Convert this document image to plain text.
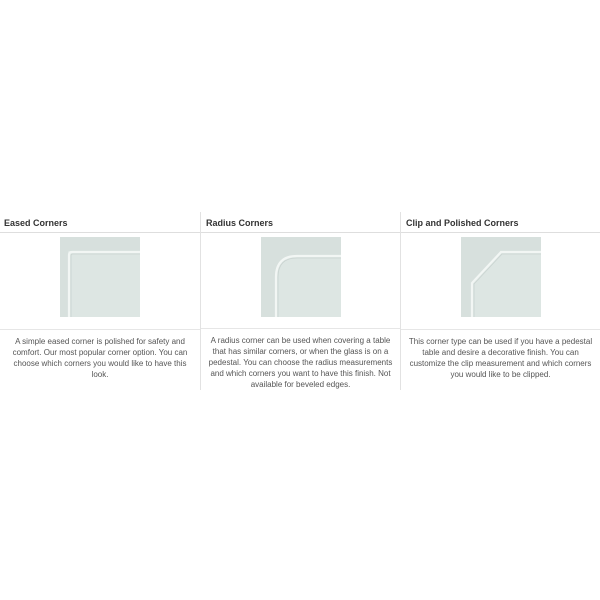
Eased Corners
A simple eased corner is polished for safety and comfort. Our most popular corner option. You can choose which corners you would like to have this look.
Radius Corners
A radius corner can be used when covering a table that has similar corners, or when the glass is on a pedestal. You can choose the radius measurements and which corners you want to have this finish. Not available for beveled edges.
Clip and Polished Corners
This corner type can be used if you have a pedestal table and desire a decorative finish. You can customize the clip measurement and which corners you would like to be clipped.
